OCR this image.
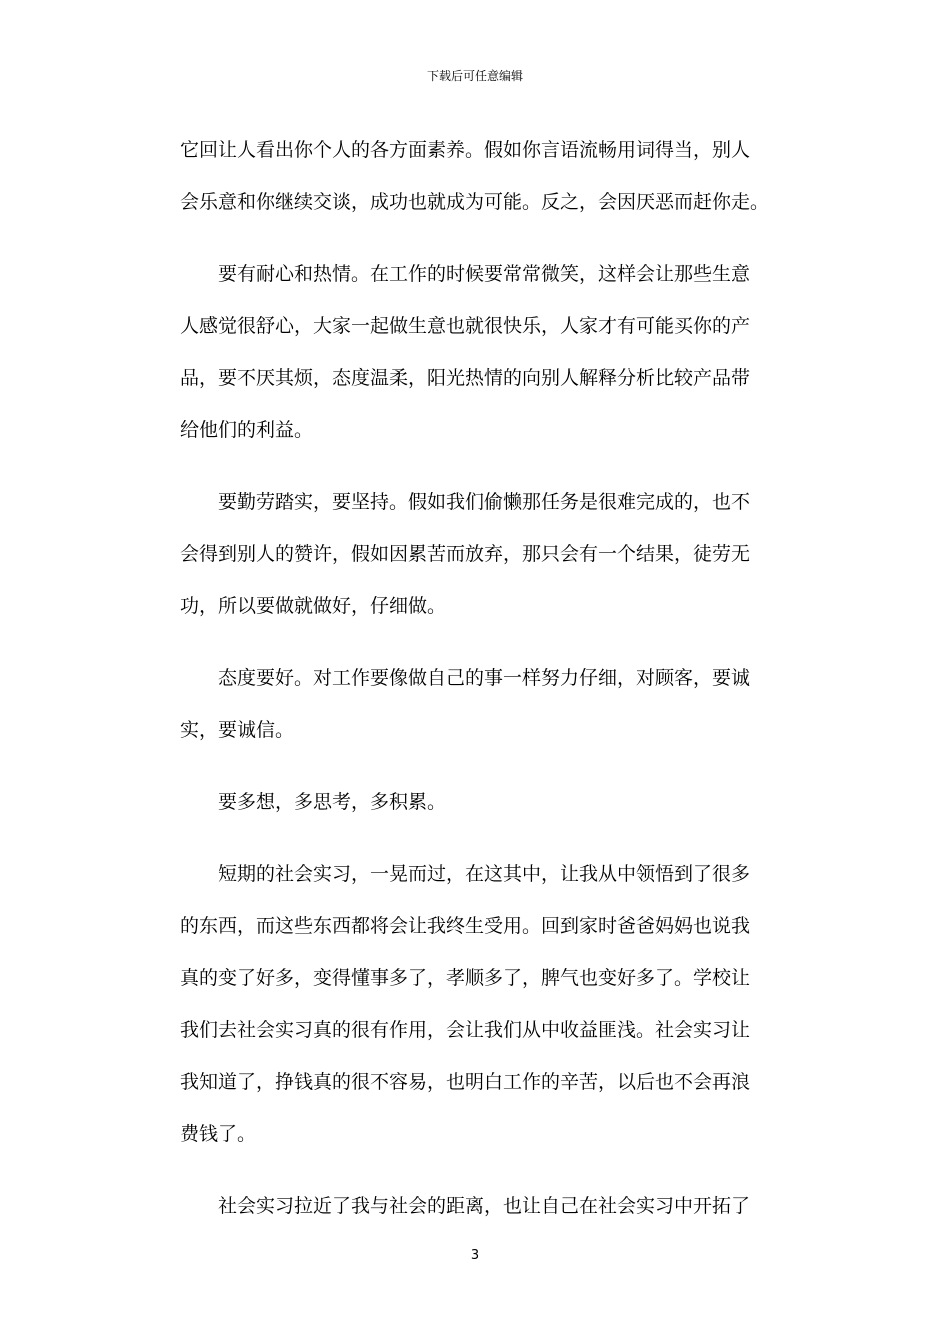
下载后可任意编辑
它回让人看出你个人的各方面素养。假如你言语流畅用词得当，别人
会乐意和你继续交谈，成功也就成为可能。反之，会因厌恶而赶你走。
要有耐心和热情。在工作的时候要常常微笑，这样会让那些生意
人感觉很舒心，大家一起做生意也就很快乐，人家才有可能买你的产
品，要不厌其烦，态度温柔，阳光热情的向别人解释分析比较产品带
给他们的利益。
要勤劳踏实，要坚持。假如我们偷懒那任务是很难完成的，也不
会得到别人的赞许，假如因累苦而放弃，那只会有一个结果，徒劳无
功，所以要做就做好，仔细做。
态度要好。对工作要像做自己的事一样努力仔细，对顾客，要诚
实，要诚信。
要多想，多思考，多积累。
短期的社会实习，一晃而过，在这其中，让我从中领悟到了很多
的东西，而这些东西都将会让我终生受用。回到家时爸爸妈妈也说我
真的变了好多，变得懂事多了，孝顺多了，脾气也变好多了。学校让
我们去社会实习真的很有作用，会让我们从中收益匪浅。社会实习让
我知道了，挣钱真的很不容易，也明白工作的辛苦，以后也不会再浪
费钱了。
社会实习拉近了我与社会的距离，也让自己在社会实习中开拓了
3
